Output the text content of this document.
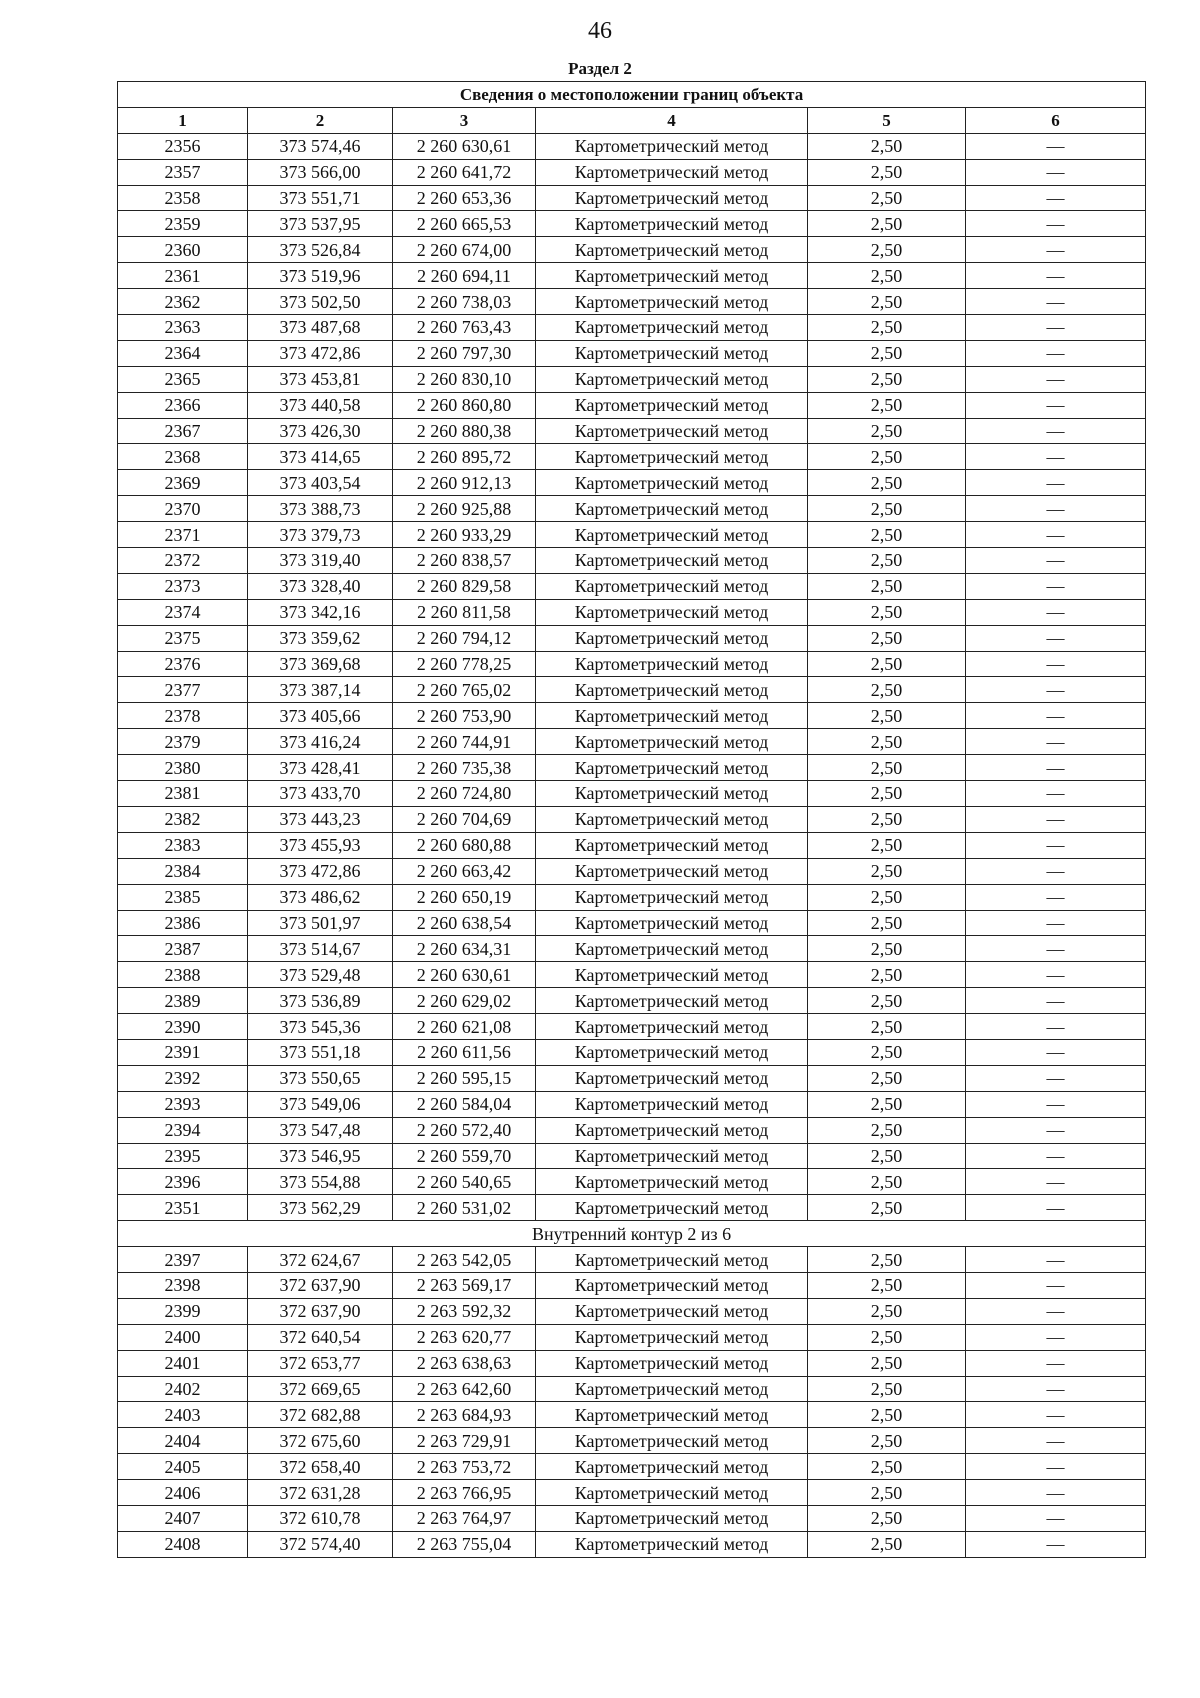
46
Раздел 2
Сведения о местоположении границ объекта					
1	2	3	4	5	6
2356	373 574,46	2 260 630,61	Картометрический метод	2,50	—
2357	373 566,00	2 260 641,72	Картометрический метод	2,50	—
2358	373 551,71	2 260 653,36	Картометрический метод	2,50	—
2359	373 537,95	2 260 665,53	Картометрический метод	2,50	—
2360	373 526,84	2 260 674,00	Картометрический метод	2,50	—
2361	373 519,96	2 260 694,11	Картометрический метод	2,50	—
2362	373 502,50	2 260 738,03	Картометрический метод	2,50	—
2363	373 487,68	2 260 763,43	Картометрический метод	2,50	—
2364	373 472,86	2 260 797,30	Картометрический метод	2,50	—
2365	373 453,81	2 260 830,10	Картометрический метод	2,50	—
2366	373 440,58	2 260 860,80	Картометрический метод	2,50	—
2367	373 426,30	2 260 880,38	Картометрический метод	2,50	—
2368	373 414,65	2 260 895,72	Картометрический метод	2,50	—
2369	373 403,54	2 260 912,13	Картометрический метод	2,50	—
2370	373 388,73	2 260 925,88	Картометрический метод	2,50	—
2371	373 379,73	2 260 933,29	Картометрический метод	2,50	—
2372	373 319,40	2 260 838,57	Картометрический метод	2,50	—
2373	373 328,40	2 260 829,58	Картометрический метод	2,50	—
2374	373 342,16	2 260 811,58	Картометрический метод	2,50	—
2375	373 359,62	2 260 794,12	Картометрический метод	2,50	—
2376	373 369,68	2 260 778,25	Картометрический метод	2,50	—
2377	373 387,14	2 260 765,02	Картометрический метод	2,50	—
2378	373 405,66	2 260 753,90	Картометрический метод	2,50	—
2379	373 416,24	2 260 744,91	Картометрический метод	2,50	—
2380	373 428,41	2 260 735,38	Картометрический метод	2,50	—
2381	373 433,70	2 260 724,80	Картометрический метод	2,50	—
2382	373 443,23	2 260 704,69	Картометрический метод	2,50	—
2383	373 455,93	2 260 680,88	Картометрический метод	2,50	—
2384	373 472,86	2 260 663,42	Картометрический метод	2,50	—
2385	373 486,62	2 260 650,19	Картометрический метод	2,50	—
2386	373 501,97	2 260 638,54	Картометрический метод	2,50	—
2387	373 514,67	2 260 634,31	Картометрический метод	2,50	—
2388	373 529,48	2 260 630,61	Картометрический метод	2,50	—
2389	373 536,89	2 260 629,02	Картометрический метод	2,50	—
2390	373 545,36	2 260 621,08	Картометрический метод	2,50	—
2391	373 551,18	2 260 611,56	Картометрический метод	2,50	—
2392	373 550,65	2 260 595,15	Картометрический метод	2,50	—
2393	373 549,06	2 260 584,04	Картометрический метод	2,50	—
2394	373 547,48	2 260 572,40	Картометрический метод	2,50	—
2395	373 546,95	2 260 559,70	Картометрический метод	2,50	—
2396	373 554,88	2 260 540,65	Картометрический метод	2,50	—
2351	373 562,29	2 260 531,02	Картометрический метод	2,50	—
Внутренний контур 2 из 6					
2397	372 624,67	2 263 542,05	Картометрический метод	2,50	—
2398	372 637,90	2 263 569,17	Картометрический метод	2,50	—
2399	372 637,90	2 263 592,32	Картометрический метод	2,50	—
2400	372 640,54	2 263 620,77	Картометрический метод	2,50	—
2401	372 653,77	2 263 638,63	Картометрический метод	2,50	—
2402	372 669,65	2 263 642,60	Картометрический метод	2,50	—
2403	372 682,88	2 263 684,93	Картометрический метод	2,50	—
2404	372 675,60	2 263 729,91	Картометрический метод	2,50	—
2405	372 658,40	2 263 753,72	Картометрический метод	2,50	—
2406	372 631,28	2 263 766,95	Картометрический метод	2,50	—
2407	372 610,78	2 263 764,97	Картометрический метод	2,50	—
2408	372 574,40	2 263 755,04	Картометрический метод	2,50	—
